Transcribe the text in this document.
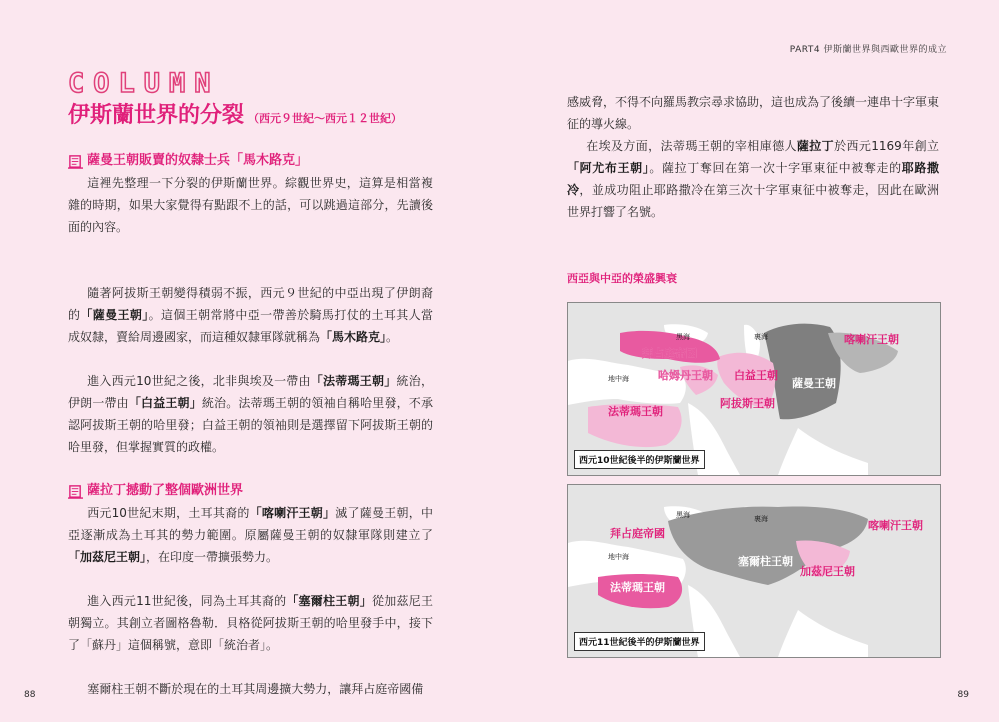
PART4 伊斯蘭世界與西歐世界的成立
COLUMN
伊斯蘭世界的分裂 （西元９世紀～西元１２世紀）
薩曼王朝販賣的奴隸士兵「馬木路克」

這裡先整理一下分裂的伊斯蘭世界。綜觀世界史，這算是相當複雜的時期，如果大家覺得有點跟不上的話，可以跳過這部分，先讀後面的內容。

隨著阿拔斯王朝變得積弱不振，西元９世紀的中亞出現了伊朗裔的「薩曼王朝」。這個王朝常將中亞一帶善於騎馬打仗的土耳其人當成奴隸，賣給周邊國家，而這種奴隸軍隊就稱為「馬木路克」。

進入西元10世紀之後，北非與埃及一帶由「法蒂瑪王朝」統治，伊朗一帶由「白益王朝」統治。法蒂瑪王朝的領袖自稱哈里發，不承認阿拔斯王朝的哈里發；白益王朝的領袖則是選擇留下阿拔斯王朝的哈里發，但掌握實質的政權。

薩拉丁撼動了整個歐洲世界

西元10世紀末期，土耳其裔的「喀喇汗王朝」滅了薩曼王朝，中亞逐漸成為土耳其的勢力範圍。原屬薩曼王朝的奴隸軍隊則建立了「加茲尼王朝」，在印度一帶擴張勢力。

進入西元11世紀後，同為土耳其裔的「塞爾柱王朝」從加茲尼王朝獨立。其創立者圖格魯勒．貝格從阿拔斯王朝的哈里發手中，接下了「蘇丹」這個稱號，意即「統治者」。

塞爾柱王朝不斷於現在的土耳其周邊擴大勢力，讓拜占庭帝國備

感威脅，不得不向羅馬教宗尋求協助，這也成為了後續一連串十字軍東征的導火線。

在埃及方面，法蒂瑪王朝的宰相庫德人薩拉丁於西元1169年創立「阿尤布王朝」。薩拉丁奪回在第一次十字軍東征中被奪走的耶路撒冷，並成功阻止耶路撒冷在第三次十字軍東征中被奪走，因此在歐洲世界打響了名號。

西亞與中亞的榮盛興衰
黑海	裏海
地中海
拜占庭帝國
哈姆丹王朝 白益王朝
薩曼王朝
喀喇汗王朝
阿拔斯王朝
法蒂瑪王朝
西元10世紀後半的伊斯蘭世界
黑海	裏海
地中海
拜占庭帝國
塞爾柱王朝
加茲尼王朝
喀喇汗王朝
法蒂瑪王朝
西元11世紀後半的伊斯蘭世界
88	89
